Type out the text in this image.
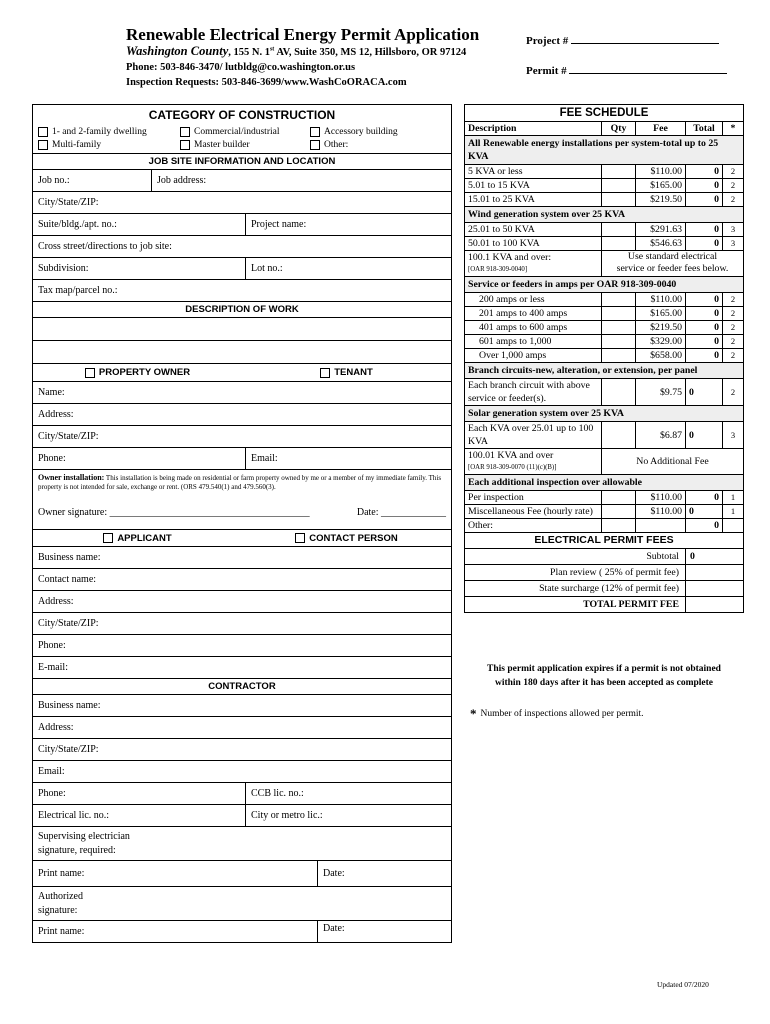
Renewable Electrical Energy Permit Application
Washington County, 155 N. 1st AV, Suite 350, MS 12, Hillsboro, OR 97124
Phone: 503-846-3470/ lutbldg@co.washington.or.us
Inspection Requests: 503-846-3699/www.WashCoORACA.com
Project #
Permit #
CATEGORY OF CONSTRUCTION
1- and 2-family dwelling	Commercial/industrial	Accessory building
Multi-family	Master builder	Other:
JOB SITE INFORMATION AND LOCATION
Job no.:	Job address:
City/State/ZIP:
Suite/bldg./apt. no.:	Project name:
Cross street/directions to job site:
Subdivision:	Lot no.:
Tax map/parcel no.:
DESCRIPTION OF WORK
PROPERTY OWNER	TENANT
Name:
Address:
City/State/ZIP:
Phone:	Email:
Owner installation: This installation is being made on residential or farm property owned by me or a member of my immediate family. This property is not intended for sale, exchange or rent. (ORS 479.540(1) and 479.560(3).
Owner signature: ________________________________________	Date: _____________
APPLICANT	CONTACT PERSON
Business name:
Contact name:
Address:
City/State/ZIP:
Phone:
E-mail:
CONTRACTOR
Business name:
Address:
City/State/ZIP:
Email:
Phone:	CCB lic. no.:
Electrical lic. no.:	City or metro lic.:
Supervising electrician
signature, required:
Print name:	Date:
Authorized
signature:
Print name:	Date:
FEE SCHEDULE
Description	Qty	Fee	Total	*
All Renewable energy installations per system-total up to 25 KVA
5 KVA or less	$110.00	0	2
5.01 to 15 KVA	$165.00	0	2
15.01 to 25 KVA	$219.50	0	2
Wind generation system over 25 KVA
25.01 to 50 KVA	$291.63	0	3
50.01 to 100 KVA	$546.63	0	3
100.1 KVA and over:
[OAR 918-309-0040]
Use standard electrical
service or feeder fees below.
Service or feeders in amps per OAR 918-309-0040
200 amps or less	$110.00	0	2
201 amps to 400 amps	$165.00	0	2
401 amps to 600 amps	$219.50	0	2
601 amps to 1,000	$329.00	0	2
Over 1,000 amps	$658.00	0	2
Branch circuits-new, alteration, or extension, per panel
Each branch circuit with above service or feeder(s).
$9.75 0	2
Solar generation system over 25 KVA
Each KVA over 25.01 up to 100 KVA
$6.87 0	3
100.01 KVA and over
[OAR 918-309-0070 (11)(c)(B)]
No Additional Fee
Each additional inspection over allowable
Per inspection	$110.00	0	1
Miscellaneous Fee (hourly rate)	$110.00 0	1
Other:	0
ELECTRICAL PERMIT FEES
Subtotal	0
Plan review ( 25% of permit fee)
State surcharge (12% of permit fee)
TOTAL PERMIT FEE
This permit application expires if a permit is not obtained
within 180 days after it has been accepted as complete
* Number of inspections allowed per permit.
Updated 07/2020
